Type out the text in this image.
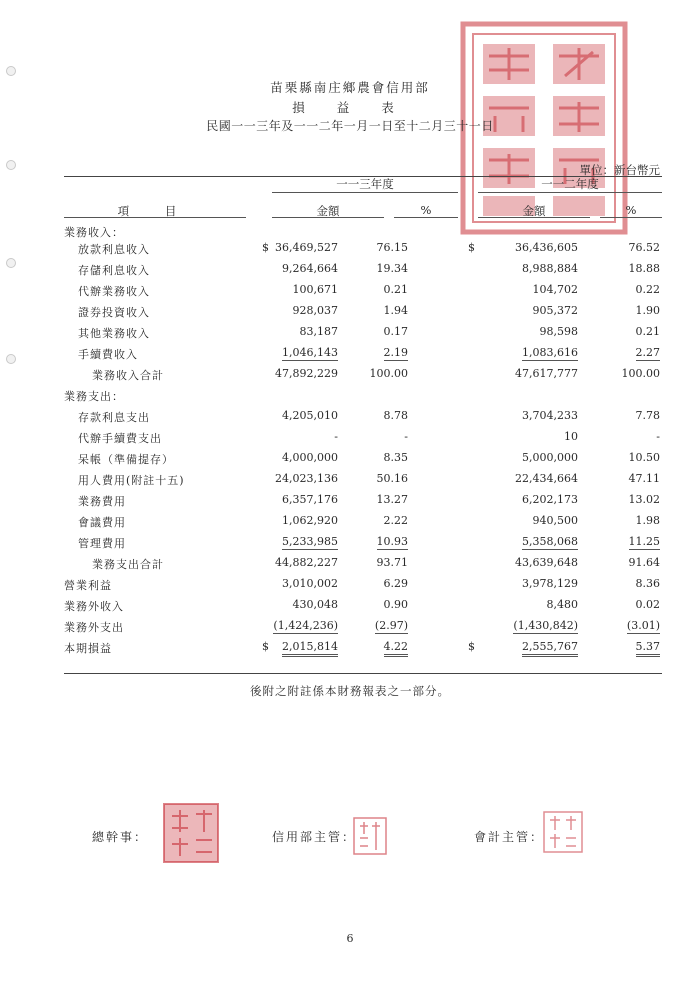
苗栗縣南庄鄉農會信用部
損 益 表
民國一一三年及一一二年一月一日至十二月三十一日
單位：新台幣元
一一三年度	一一二年度
項 目	金額	%	金額	%
業務收入：
放款利息收入	$ 36,469,527	76.15	$	36,436,605	76.52
存儲利息收入	9,264,664	19.34	8,988,884	18.88
代辦業務收入	100,671	0.21	104,702	0.22
證券投資收入	928,037	1.94	905,372	1.90
其他業務收入	83,187	0.17	98,598	0.21
手續費收入	1,046,143	2.19	1,083,616	2.27
業務收入合計	47,892,229	100.00	47,617,777	100.00
業務支出：
存款利息支出	4,205,010	8.78	3,704,233	7.78
代辦手續費支出	-	-	10	-
呆帳（準備提存）	4,000,000	8.35	5,000,000	10.50
用人費用(附註十五)	24,023,136	50.16	22,434,664	47.11
業務費用	6,357,176	13.27	6,202,173	13.02
會議費用	1,062,920	2.22	940,500	1.98
管理費用	5,233,985	10.93	5,358,068	11.25
業務支出合計	44,882,227	93.71	43,639,648	91.64
營業利益	3,010,002	6.29	3,978,129	8.36
業務外收入	430,048	0.90	8,480	0.02
業務外支出	(1,424,236)	(2.97)	(1,430,842)	(3.01)
本期損益	$ 2,015,814	4.22	$	2,555,767	5.37
後附之附註係本財務報表之一部分。
總幹事：	信用部主管：	會計主管：
6
